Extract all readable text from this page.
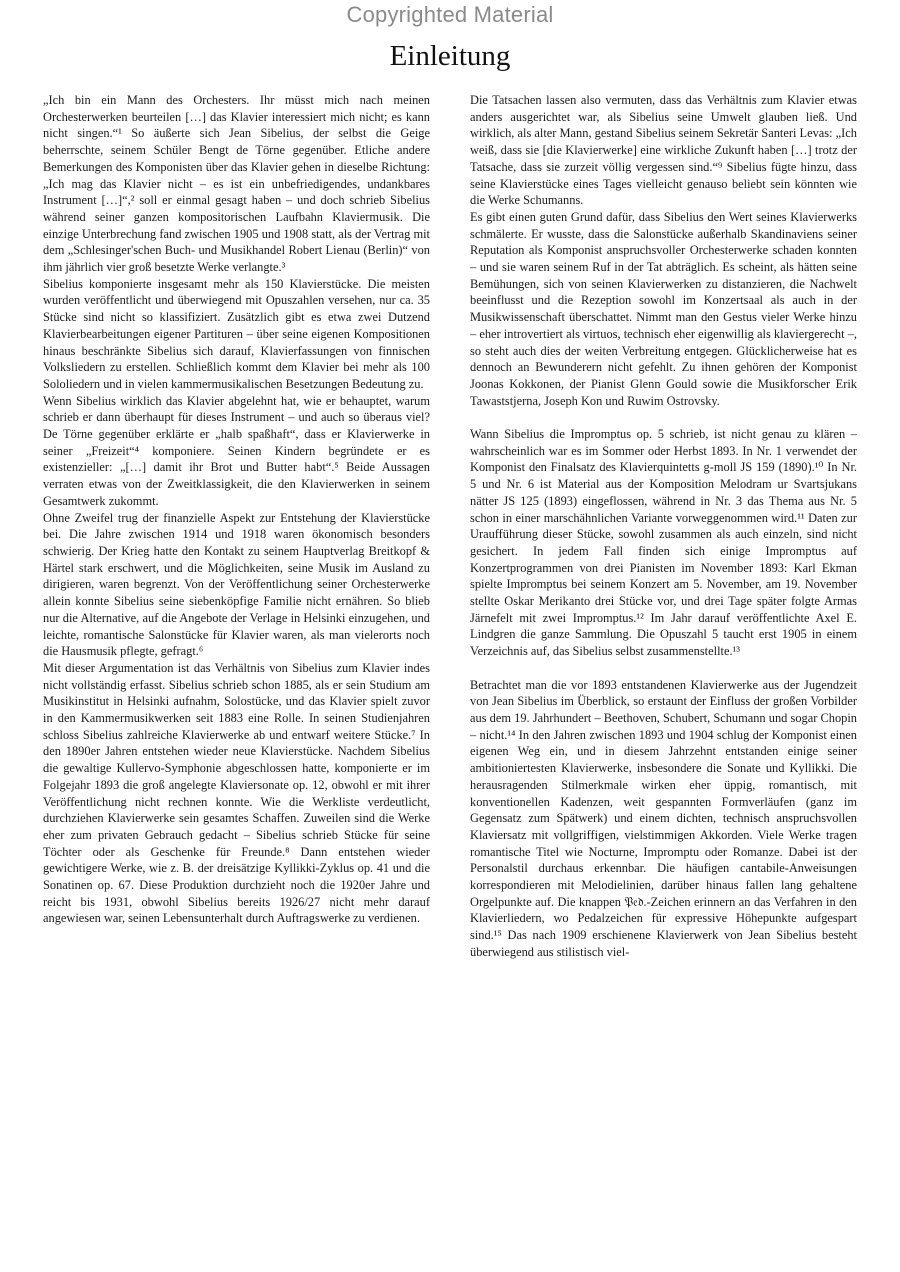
Copyrighted Material
Einleitung

„Ich bin ein Mann des Orchesters. Ihr müsst mich nach meinen Orchesterwerken beurteilen […] das Klavier interessiert mich nicht; es kann nicht singen.“¹ So äußerte sich Jean Sibelius, der selbst die Geige beherrschte, seinem Schüler Bengt de Törne gegenüber. Etliche andere Bemerkungen des Komponisten über das Klavier gehen in dieselbe Richtung: „Ich mag das Klavier nicht – es ist ein unbefriedigendes, undankbares Instrument […]“,² soll er einmal gesagt haben – und doch schrieb Sibelius während seiner ganzen kompositorischen Laufbahn Klaviermusik. Die einzige Unterbrechung fand zwischen 1905 und 1908 statt, als der Vertrag mit dem „Schlesinger'schen Buch- und Musikhandel Robert Lienau (Berlin)“ von ihm jährlich vier groß besetzte Werke verlangte.³

Sibelius komponierte insgesamt mehr als 150 Klavierstücke. Die meisten wurden veröffentlicht und überwiegend mit Opuszahlen versehen, nur ca. 35 Stücke sind nicht so klassifiziert. Zusätzlich gibt es etwa zwei Dutzend Klavierbearbeitungen eigener Partituren – über seine eigenen Kompositionen hinaus beschränkte Sibelius sich darauf, Klavierfassungen von finnischen Volksliedern zu erstellen. Schließlich kommt dem Klavier bei mehr als 100 Sololiedern und in vielen kammermusikalischen Besetzungen Bedeutung zu.

Wenn Sibelius wirklich das Klavier abgelehnt hat, wie er behauptet, warum schrieb er dann überhaupt für dieses Instrument – und auch so überaus viel? De Törne gegenüber erklärte er „halb spaßhaft“, dass er Klavierwerke in seiner „Freizeit“⁴ komponiere. Seinen Kindern begründete er es existenzieller: „[…] damit ihr Brot und Butter habt“.⁵ Beide Aussagen verraten etwas von der Zweitklassigkeit, die den Klavierwerken in seinem Gesamtwerk zukommt.

Ohne Zweifel trug der finanzielle Aspekt zur Entstehung der Klavierstücke bei. Die Jahre zwischen 1914 und 1918 waren ökonomisch besonders schwierig. Der Krieg hatte den Kontakt zu seinem Hauptverlag Breitkopf & Härtel stark erschwert, und die Möglichkeiten, seine Musik im Ausland zu dirigieren, waren begrenzt. Von der Veröffentlichung seiner Orchesterwerke allein konnte Sibelius seine siebenköpfige Familie nicht ernähren. So blieb nur die Alternative, auf die Angebote der Verlage in Helsinki einzugehen, und leichte, romantische Salonstücke für Klavier waren, als man vielerorts noch die Hausmusik pflegte, gefragt.⁶

Mit dieser Argumentation ist das Verhältnis von Sibelius zum Klavier indes nicht vollständig erfasst. Sibelius schrieb schon 1885, als er sein Studium am Musikinstitut in Helsinki aufnahm, Solostücke, und das Klavier spielt zuvor in den Kammermusikwerken seit 1883 eine Rolle. In seinen Studienjahren schloss Sibelius zahlreiche Klavierwerke ab und entwarf weitere Stücke.⁷ In den 1890er Jahren entstehen wieder neue Klavierstücke. Nachdem Sibelius die gewaltige Kullervo-Symphonie abgeschlossen hatte, komponierte er im Folgejahr 1893 die groß angelegte Klaviersonate op. 12, obwohl er mit ihrer Veröffentlichung nicht rechnen konnte. Wie die Werkliste verdeutlicht, durchziehen Klavierwerke sein gesamtes Schaffen. Zuweilen sind die Werke eher zum privaten Gebrauch gedacht – Sibelius schrieb Stücke für seine Töchter oder als Geschenke für Freunde.⁸ Dann entstehen wieder gewichtigere Werke, wie z. B. der dreisätzige Kyllikki-Zyklus op. 41 und die Sonatinen op. 67. Diese Produktion durchzieht noch die 1920er Jahre und reicht bis 1931, obwohl Sibelius bereits 1926/27 nicht mehr darauf angewiesen war, seinen Lebensunterhalt durch Auftragswerke zu verdienen.

Die Tatsachen lassen also vermuten, dass das Verhältnis zum Klavier etwas anders ausgerichtet war, als Sibelius seine Umwelt glauben ließ. Und wirklich, als alter Mann, gestand Sibelius seinem Sekretär Santeri Levas: „Ich weiß, dass sie [die Klavierwerke] eine wirkliche Zukunft haben […] trotz der Tatsache, dass sie zurzeit völlig vergessen sind.“⁹ Sibelius fügte hinzu, dass seine Klavierstücke eines Tages vielleicht genauso beliebt sein könnten wie die Werke Schumanns.

Es gibt einen guten Grund dafür, dass Sibelius den Wert seines Klavierwerks schmälerte. Er wusste, dass die Salonstücke außerhalb Skandinaviens seiner Reputation als Komponist anspruchsvoller Orchesterwerke schaden konnten – und sie waren seinem Ruf in der Tat abträglich. Es scheint, als hätten seine Bemühungen, sich von seinen Klavierwerken zu distanzieren, die Nachwelt beeinflusst und die Rezeption sowohl im Konzertsaal als auch in der Musikwissenschaft überschattet. Nimmt man den Gestus vieler Werke hinzu – eher introvertiert als virtuos, technisch eher eigenwillig als klaviergerecht –, so steht auch dies der weiten Verbreitung entgegen. Glücklicherweise hat es dennoch an Bewunderern nicht gefehlt. Zu ihnen gehören der Komponist Joonas Kokkonen, der Pianist Glenn Gould sowie die Musikforscher Erik Tawaststjerna, Joseph Kon und Ruwim Ostrovsky.

Wann Sibelius die Impromptus op. 5 schrieb, ist nicht genau zu klären – wahrscheinlich war es im Sommer oder Herbst 1893. In Nr. 1 verwendet der Komponist den Finalsatz des Klavierquintetts g-moll JS 159 (1890).¹⁰ In Nr. 5 und Nr. 6 ist Material aus der Komposition Melodram ur Svartsjukans nätter JS 125 (1893) eingeflossen, während in Nr. 3 das Thema aus Nr. 5 schon in einer marschähnlichen Variante vorweggenommen wird.¹¹ Daten zur Uraufführung dieser Stücke, sowohl zusammen als auch einzeln, sind nicht gesichert. In jedem Fall finden sich einige Impromptus auf Konzertprogrammen von drei Pianisten im November 1893: Karl Ekman spielte Impromptus bei seinem Konzert am 5. November, am 19. November stellte Oskar Merikanto drei Stücke vor, und drei Tage später folgte Armas Järnefelt mit zwei Impromptus.¹² Im Jahr darauf veröffentlichte Axel E. Lindgren die ganze Sammlung. Die Opuszahl 5 taucht erst 1905 in einem Verzeichnis auf, das Sibelius selbst zusammenstellte.¹³

Betrachtet man die vor 1893 entstandenen Klavierwerke aus der Jugendzeit von Jean Sibelius im Überblick, so erstaunt der Einfluss der großen Vorbilder aus dem 19. Jahrhundert – Beethoven, Schubert, Schumann und sogar Chopin – nicht.¹⁴ In den Jahren zwischen 1893 und 1904 schlug der Komponist einen eigenen Weg ein, und in diesem Jahrzehnt entstanden einige seiner ambitioniertesten Klavierwerke, insbesondere die Sonate und Kyllikki. Die herausragenden Stilmerkmale wirken eher üppig, romantisch, mit konventionellen Kadenzen, weit gespannten Formverläufen (ganz im Gegensatz zum Spätwerk) und einem dichten, technisch anspruchsvollen Klaviersatz mit vollgriffigen, vielstimmigen Akkorden. Viele Werke tragen romantische Titel wie Nocturne, Impromptu oder Romanze. Dabei ist der Personalstil durchaus erkennbar. Die häufigen cantabile-Anweisungen korrespondieren mit Melodielinien, darüber hinaus fallen lang gehaltene Orgelpunkte auf. Die knappen 𝔓𝔢𝔡.-Zeichen erinnern an das Verfahren in den Klavierliedern, wo Pedalzeichen für expressive Höhepunkte aufgespart sind.¹⁵ Das nach 1909 erschienene Klavierwerk von Jean Sibelius besteht überwiegend aus stilistisch viel-
